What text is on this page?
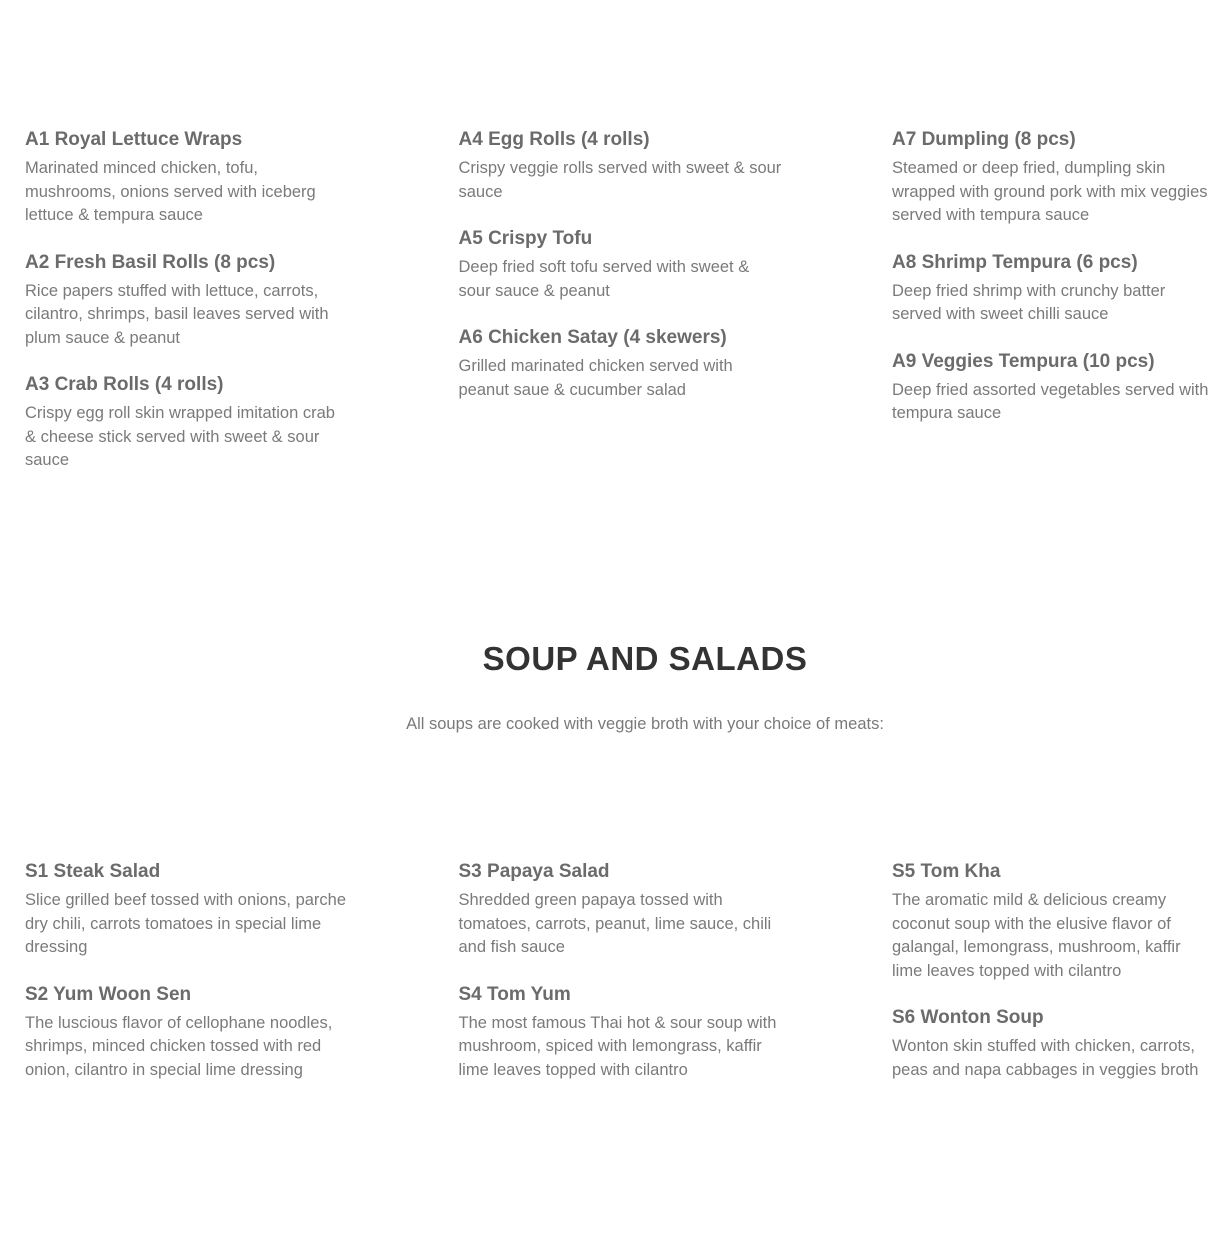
A1 Royal Lettuce Wraps

Marinated minced chicken, tofu, mushrooms, onions served with iceberg lettuce & tempura sauce

A2 Fresh Basil Rolls (8 pcs)

Rice papers stuffed with lettuce, carrots, cilantro, shrimps, basil leaves served with plum sauce & peanut

A3 Crab Rolls (4 rolls)

Crispy egg roll skin wrapped imitation crab & cheese stick served with sweet & sour sauce

A4 Egg Rolls (4 rolls)

Crispy veggie rolls served with sweet & sour sauce

A5 Crispy Tofu

Deep fried soft tofu served with sweet & sour sauce & peanut

A6 Chicken Satay (4 skewers)

Grilled marinated chicken served with peanut saue & cucumber salad

A7 Dumpling (8 pcs)

Steamed or deep fried, dumpling skin wrapped with ground pork with mix veggies served with tempura sauce

A8 Shrimp Tempura (6 pcs)

Deep fried shrimp with crunchy batter served with sweet chilli sauce

A9 Veggies Tempura (10 pcs)

Deep fried assorted vegetables served with tempura sauce

SOUP AND SALADS

All soups are cooked with veggie broth with your choice of meats:

S1 Steak Salad

Slice grilled beef tossed with onions, parche dry chili, carrots tomatoes in special lime dressing

S2 Yum Woon Sen

The luscious flavor of cellophane noodles, shrimps, minced chicken tossed with red onion, cilantro in special lime dressing

S3 Papaya Salad

Shredded green papaya tossed with tomatoes, carrots, peanut, lime sauce, chili and fish sauce

S4 Tom Yum

The most famous Thai hot & sour soup with mushroom, spiced with lemongrass, kaffir lime leaves topped with cilantro

S5 Tom Kha

The aromatic mild & delicious creamy coconut soup with the elusive flavor of galangal, lemongrass, mushroom, kaffir lime leaves topped with cilantro

S6 Wonton Soup

Wonton skin stuffed with chicken, carrots, peas and napa cabbages in veggies broth
